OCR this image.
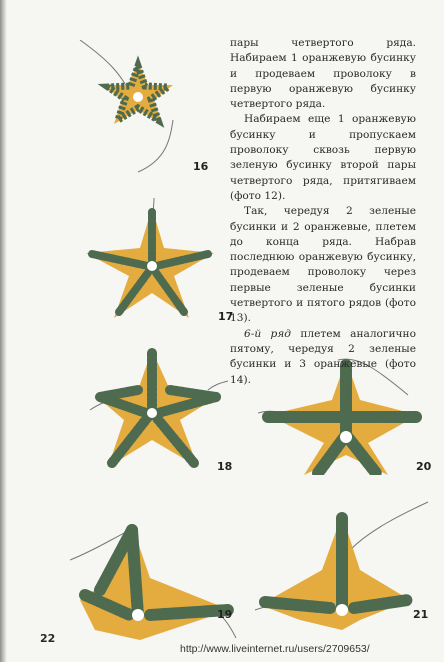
16
17
18	20
19	21

пары четвертого ряда. Набираем 1 оранжевую бусинку и продеваем проволоку в первую оранжевую бусинку четвертого ряда.

Набираем еще 1 оранжевую бусинку и пропускаем проволоку сквозь первую зеленую бусинку второй пары четвертого ряда, притягиваем (фото 12).

Так, чередуя 2 зеленые бусинки и 2 оранжевые, плетем до конца ряда. Набрав последнюю оранжевую бусинку, продеваем проволоку через первые зеленые бусинки четвертого и пятого рядов (фото 13).

6-й ряд плетем аналогично пятому, чередуя 2 зеленые бусинки и 3 оранжевые (фото 14).

22
http://www.liveinternet.ru/users/2709653/
